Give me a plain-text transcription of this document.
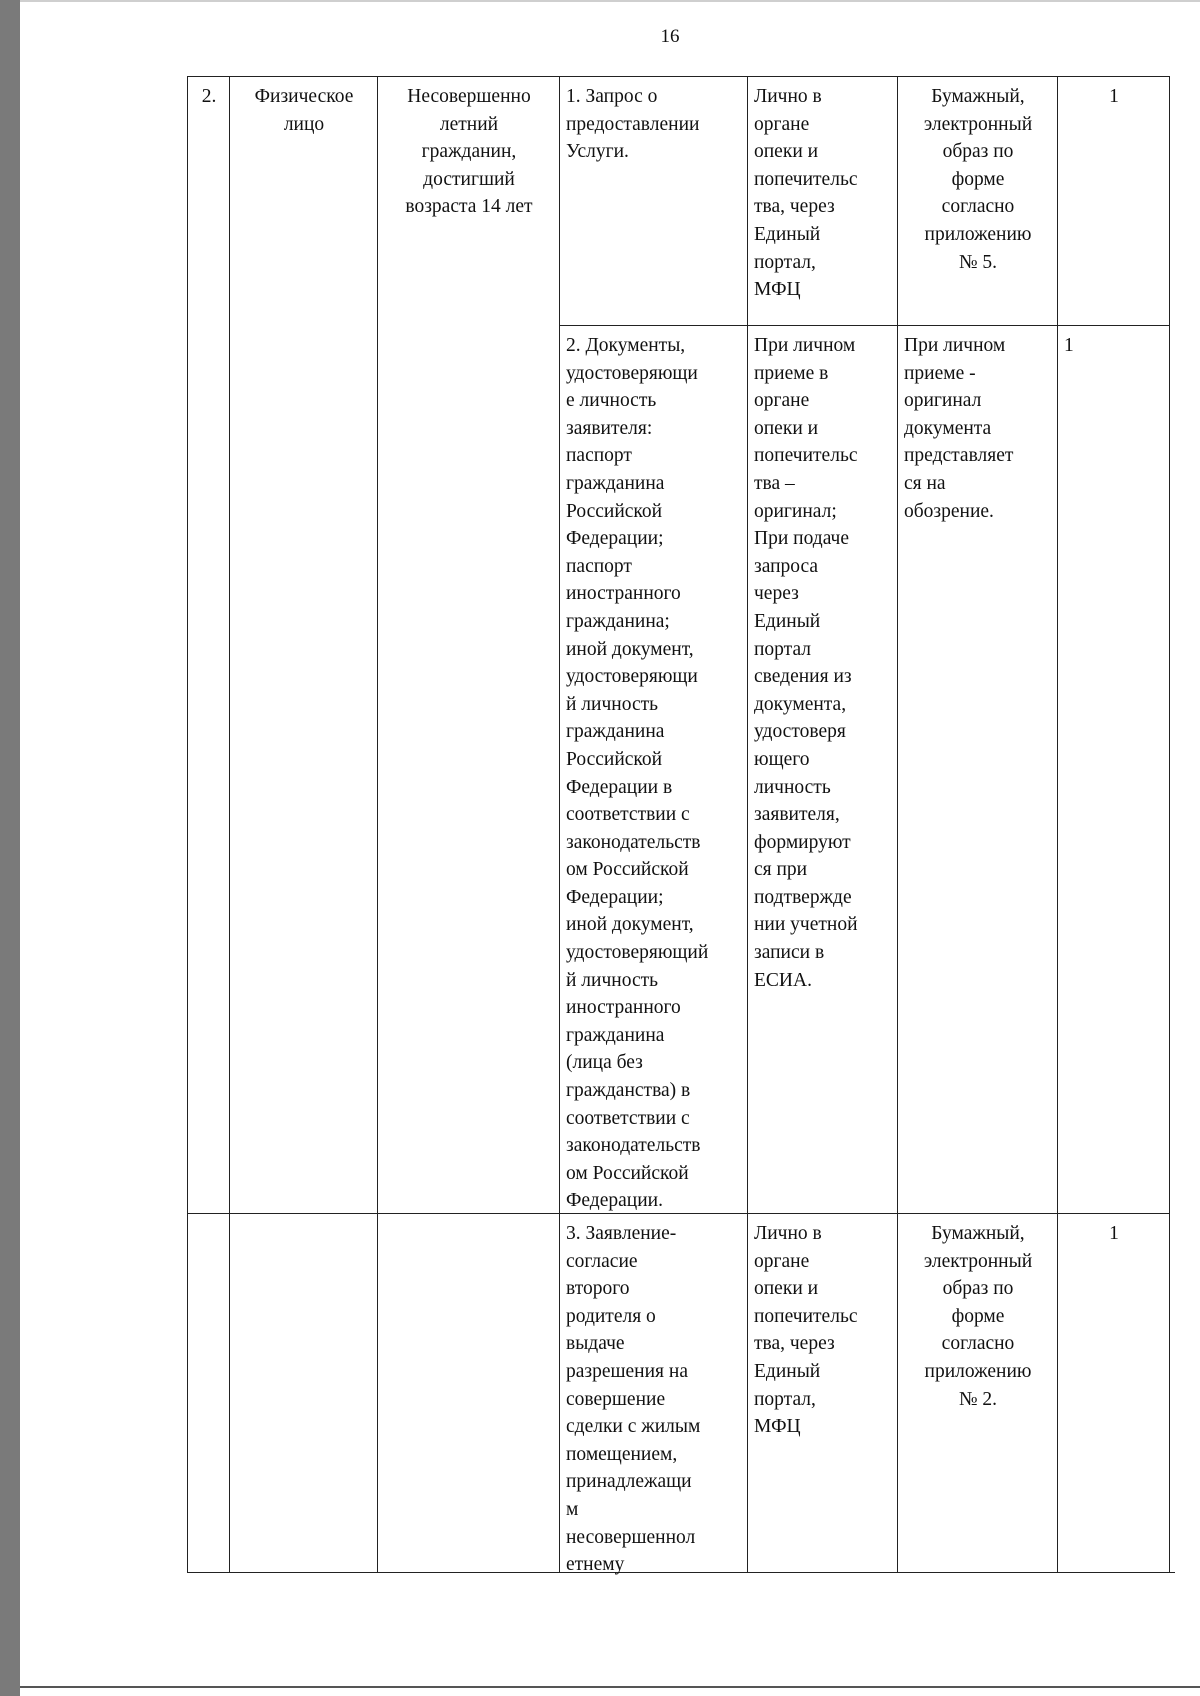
16
2.	Физическое
лицо
Несовершенно
летний
гражданин,
достигший
возраста 14 лет
1. Запрос о
предоставлении
Услуги.
Лично в
органе
опеки и
попечительс
тва, через
Единый
портал,
МФЦ
Бумажный,
электронный
образ по
форме
согласно
приложению
№ 5.
1
2. Документы,
удостоверяющи
е личность
заявителя:
паспорт
гражданина
Российской
Федерации;
паспорт
иностранного
гражданина;
иной документ,
удостоверяющи
й личность
гражданина
Российской
Федерации в
соответствии с
законодательств
ом Российской
Федерации;
иной документ,
удостоверяющий
й личность
иностранного
гражданина
(лица без
гражданства) в
соответствии с
законодательств
ом Российской
Федерации.
При личном
приеме в
органе
опеки и
попечительс
тва –
оригинал;
При подаче
запроса
через
Единый
портал
сведения из
документа,
удостоверя
ющего
личность
заявителя,
формируют
ся при
подтвержде
нии учетной
записи в
ЕСИА.
При личном
приеме -
оригинал
документа
представляет
ся на
обозрение.
1
3. Заявление-
согласие
второго
родителя о
выдаче
разрешения на
совершение
сделки с жилым
помещением,
принадлежащи
м
несовершеннол
етнему
Лично в
органе
опеки и
попечительс
тва, через
Единый
портал,
МФЦ
Бумажный,
электронный
образ по
форме
согласно
приложению
№ 2.
1
